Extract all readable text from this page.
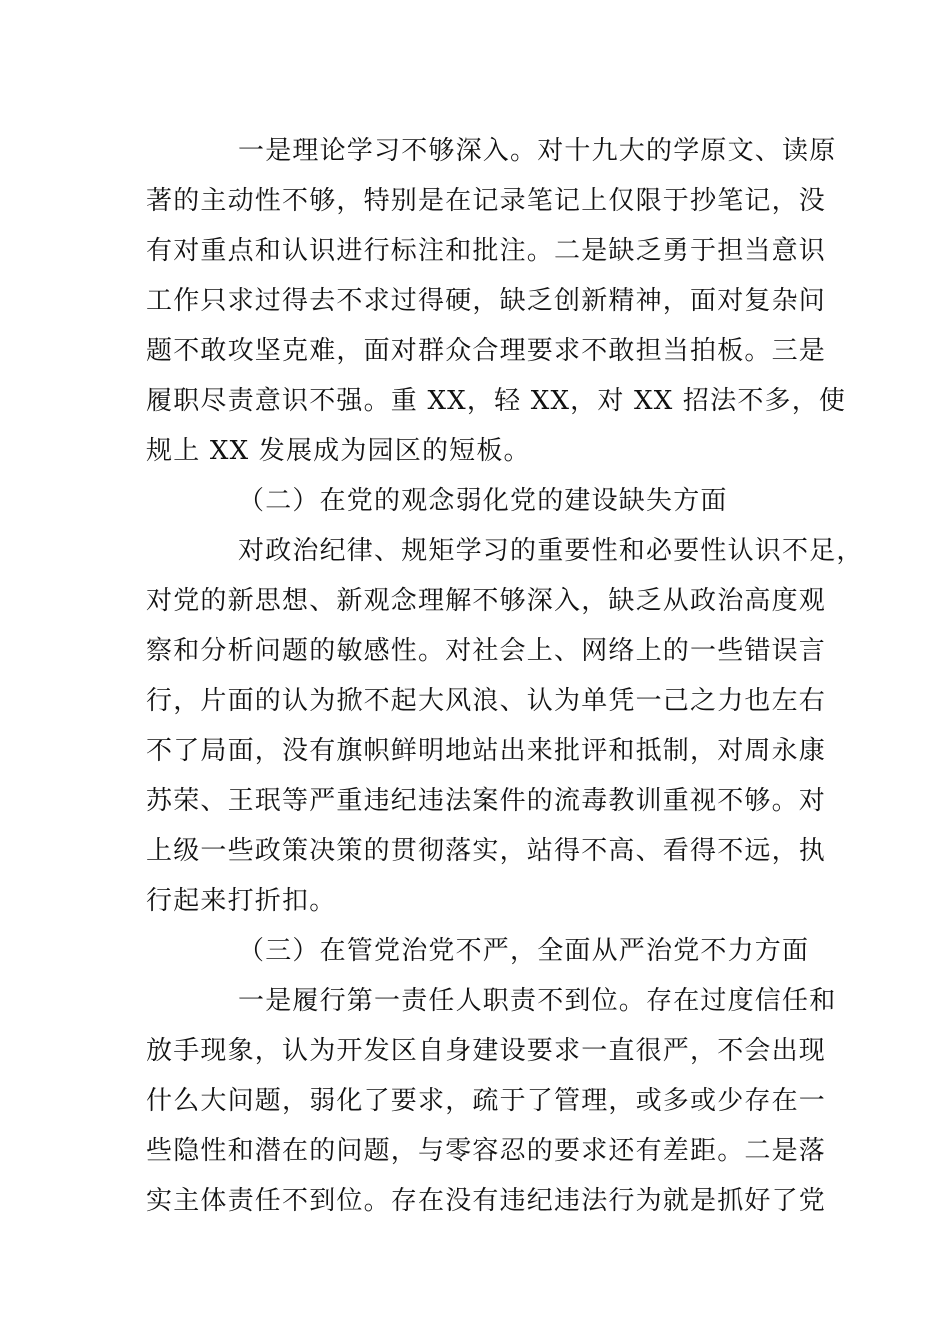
一是理论学习不够深入。对十九大的学原文、读原
著的主动性不够，特别是在记录笔记上仅限于抄笔记，没
有对重点和认识进行标注和批注。二是缺乏勇于担当意识
工作只求过得去不求过得硬，缺乏创新精神，面对复杂问
题不敢攻坚克难，面对群众合理要求不敢担当拍板。三是
履职尽责意识不强。重 XX，轻 XX，对 XX 招法不多，使
规上 XX 发展成为园区的短板。
（二）在党的观念弱化党的建设缺失方面
对政治纪律、规矩学习的重要性和必要性认识不足，
对党的新思想、新观念理解不够深入，缺乏从政治高度观
察和分析问题的敏感性。对社会上、网络上的一些错误言
行，片面的认为掀不起大风浪、认为单凭一己之力也左右
不了局面，没有旗帜鲜明地站出来批评和抵制，对周永康
苏荣、王珉等严重违纪违法案件的流毒教训重视不够。对
上级一些政策决策的贯彻落实，站得不高、看得不远，执
行起来打折扣。
（三）在管党治党不严，全面从严治党不力方面
一是履行第一责任人职责不到位。存在过度信任和
放手现象，认为开发区自身建设要求一直很严，不会出现
什么大问题，弱化了要求，疏于了管理，或多或少存在一
些隐性和潜在的问题，与零容忍的要求还有差距。二是落
实主体责任不到位。存在没有违纪违法行为就是抓好了党
